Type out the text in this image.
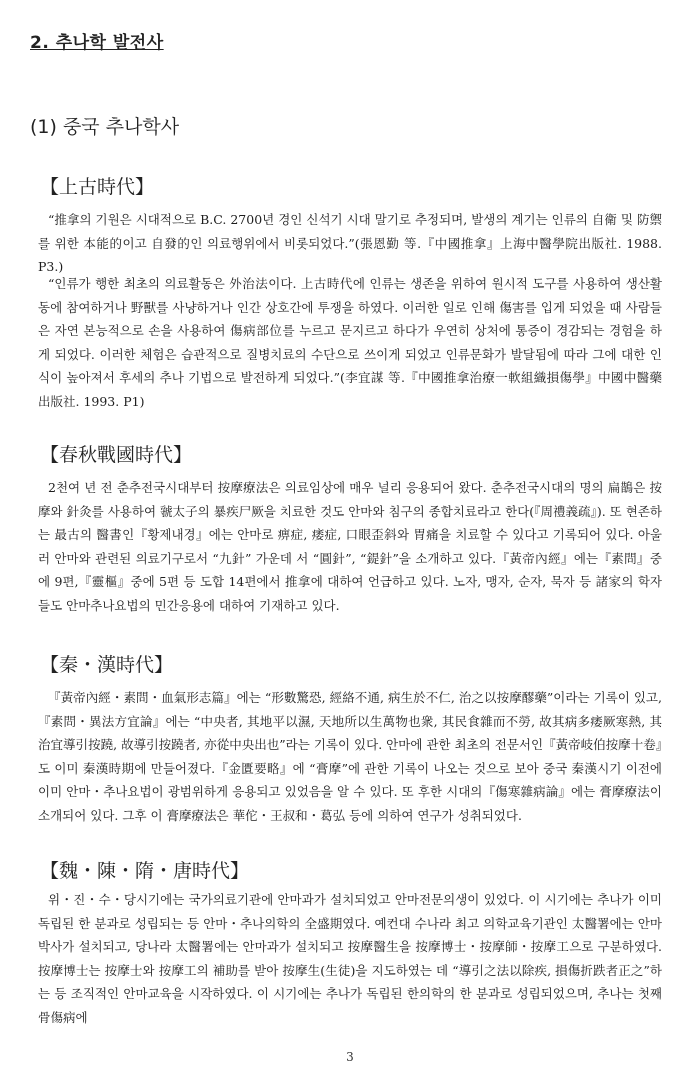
2. 추나학 발전사
(1) 중국 추나학사
【上古時代】

“推拿의 기원은 시대적으로 B.C. 2700년 경인 신석기 시대 말기로 추정되며, 발생의 계기는 인류의 自衛 및 防禦를 위한 本能的이고 自發的인 의료행위에서 비롯되었다.”(張恩勤 等.『中國推拿』上海中醫學院出版社. 1988. P3.)

“인류가 행한 최초의 의료활동은 外治法이다. 上古時代에 인류는 생존을 위하여 원시적 도구를 사용하여 생산활동에 참여하거나 野獸를 사냥하거나 인간 상호간에 투쟁을 하였다. 이러한 일로 인해 傷害를 입게 되었을 때 사람들은 자연 본능적으로 손을 사용하여 傷病部位를 누르고 문지르고 하다가 우연히 상처에 통증이 경감되는 경험을 하게 되었다. 이러한 체험은 습관적으로 질병치료의 수단으로 쓰이게 되었고 인류문화가 발달됨에 따라 그에 대한 인식이 높아져서 후세의 추나 기법으로 발전하게 되었다.”(李宜謀 等.『中國推拿治療一軟組織損傷學』中國中醫藥出版社. 1993. P1)

【春秋戰國時代】

2천여 년 전 춘추전국시대부터 按摩療法은 의료임상에 매우 널리 응용되어 왔다. 춘추전국시대의 명의 扁鵲은 按摩와 針灸를 사용하여 虢太子의 暴疾尸厥을 치료한 것도 안마와 침구의 종합치료라고 한다(『周禮義疏』). 또 현존하는 最古의 醫書인『황제내경』에는 안마로 痹症, 痿症, 口眼歪斜와 胃痛을 치료할 수 있다고 기록되어 있다. 아울러 안마와 관련된 의료기구로서 “九針” 가운데 서 “圓針”, “鍉針”을 소개하고 있다.『黃帝內經』에는『素問』중에 9편,『靈樞』중에 5편 등 도합 14편에서 推拿에 대하여 언급하고 있다. 노자, 맹자, 순자, 묵자 등 諸家의 학자들도 안마추나요법의 민간응용에 대하여 기재하고 있다.

【秦・漢時代】

『黃帝內經・素問・血氣形志篇』에는 “形數驚恐, 經絡不通, 病生於不仁, 治之以按摩醪藥”이라는 기록이 있고,『素問・異法方宜論』에는 “中央者, 其地平以濕, 天地所以生萬物也衆, 其民食雜而不勞, 故其病多痿厥寒熱, 其治宜導引按蹺, 故導引按蹺者, 亦從中央出也”라는 기록이 있다. 안마에 관한 최초의 전문서인『黃帝岐伯按摩十卷』도 이미 秦漢時期에 만들어졌다.『金匱要略』에 “膏摩”에 관한 기록이 나오는 것으로 보아 중국 秦漢시기 이전에 이미 안마・추나요법이 광범위하게 응용되고 있었음을 알 수 있다. 또 후한 시대의『傷寒雜病論』에는 膏摩療法이 소개되어 있다. 그후 이 膏摩療法은 華佗・王叔和・葛弘 등에 의하여 연구가 성취되었다.

【魏・陳・隋・唐時代】

위・진・수・당시기에는 국가의료기관에 안마과가 설치되었고 안마전문의생이 있었다. 이 시기에는 추나가 이미 독립된 한 분과로 성립되는 등 안마・추나의학의 全盛期였다. 예컨대 수나라 최고 의학교육기관인 太醫署에는 안마박사가 설치되고, 당나라 太醫署에는 안마과가 설치되고 按摩醫生을 按摩博士・按摩師・按摩工으로 구분하였다. 按摩博士는 按摩士와 按摩工의 補助를 받아 按摩生(生徒)을 지도하였는 데 “導引之法以除疾, 損傷折跌者正之”하는 등 조직적인 안마교육을 시작하였다. 이 시기에는 추나가 독립된 한의학의 한 분과로 성립되었으며, 추나는 첫째 骨傷病에

3
